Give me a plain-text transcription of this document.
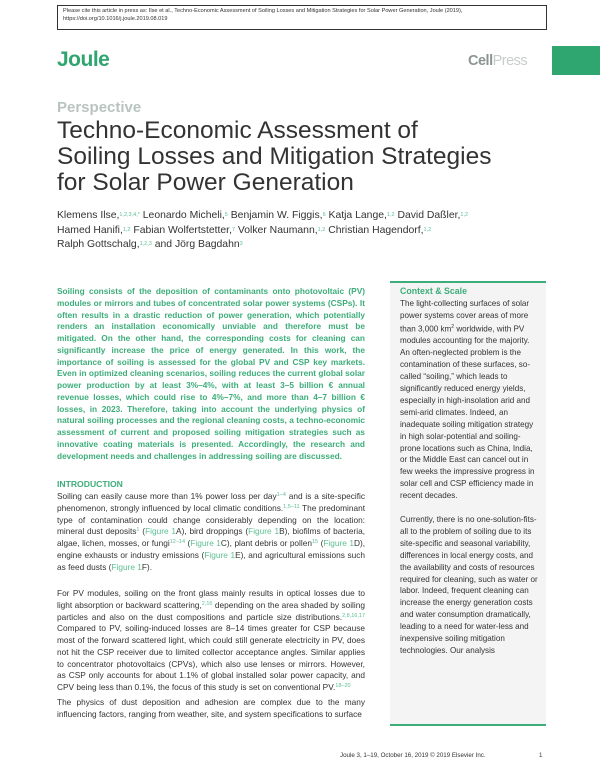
Please cite this article in press as: Ilse et al., Techno-Economic Assessment of Soiling Losses and Mitigation Strategies for Solar Power Generation, Joule (2019), https://doi.org/10.1016/j.joule.2019.08.019
Joule	CellPress
Perspective
Techno-Economic Assessment of Soiling Losses and Mitigation Strategies for Solar Power Generation
Klemens Ilse,$^{1,2,3,4,*}$ Leonardo Micheli,$^5$ Benjamin W. Figgis,$^6$ Katja Lange,$^{1,2}$ David Daßler,$^{1,2}$
Hamed Hanifi,$^{1,2}$ Fabian Wolfertstetter,$^7$ Volker Naumann,$^{1,2}$ Christian Hagendorf,$^{1,2}$
Ralph Gottschalg,$^{1,2,3}$ and Jörg Bagdahn$^3$
Soiling consists of the deposition of contaminants onto photovoltaic (PV) modules or mirrors and tubes of concentrated solar power systems (CSPs). It often results in a drastic reduction of power generation, which potentially renders an installation economically unviable and therefore must be mitigated. On the other hand, the corresponding costs for cleaning can significantly increase the price of energy generated. In this work, the importance of soiling is assessed for the global PV and CSP key markets. Even in optimized cleaning scenarios, soiling reduces the current global solar power production by at least 3%–4%, with at least 3–5 billion € annual revenue losses, which could rise to 4%–7%, and more than 4–7 billion € losses, in 2023. Therefore, taking into account the underlying physics of natural soiling processes and the regional cleaning costs, a techno-economic assessment of current and proposed soiling mitigation strategies such as innovative coating materials is presented. Accordingly, the research and development needs and challenges in addressing soiling are discussed.
INTRODUCTION
Soiling can easily cause more than 1% power loss per day$^{1-4}$ and is a site-specific phenomenon, strongly influenced by local climatic conditions.$^{1,5-11}$ The predominant type of contamination could change considerably depending on the location: mineral dust deposits$^1$ (Figure 1A), bird droppings (Figure 1B), biofilms of bacteria, algae, lichen, mosses, or fungi$^{12-14}$ (Figure 1C), plant debris or pollen$^{15}$ (Figure 1D), engine exhausts or industry emissions (Figure 1E), and agricultural emissions such as feed dusts (Figure 1F).
For PV modules, soiling on the front glass mainly results in optical losses due to light absorption or backward scattering,$^{2,16}$ depending on the area shaded by soiling particles and also on the dust compositions and particle size distributions.$^{2,8,16,17}$ Compared to PV, soiling-induced losses are 8–14 times greater for CSP because most of the forward scattered light, which could still generate electricity in PV, does not hit the CSP receiver due to limited collector acceptance angles. Similar applies to concentrator photovoltaics (CPVs), which also use lenses or mirrors. However, as CSP only accounts for about 1.1% of global installed solar power capacity, and CPV being less than 0.1%, the focus of this study is set on conventional PV.$^{18-20}$
The physics of dust deposition and adhesion are complex due to the many influencing factors, ranging from weather, site, and system specifications to surface
Context & Scale

The light-collecting surfaces of solar power systems cover areas of more than 3,000 $km^2$ worldwide, with PV modules accounting for the majority. An often-neglected problem is the contamination of these surfaces, so-called “soiling,” which leads to significantly reduced energy yields, especially in high-insolation arid and semi-arid climates. Indeed, an inadequate soiling mitigation strategy in high solar-potential and soiling-prone locations such as China, India, or the Middle East can cancel out in few weeks the impressive progress in solar cell and CSP efficiency made in recent decades.

Currently, there is no one-solution-fits-all to the problem of soiling due to its site-specific and seasonal variability, differences in local energy costs, and the availability and costs of resources required for cleaning, such as water or labor. Indeed, frequent cleaning can increase the energy generation costs and water consumption dramatically, leading to a need for water-less and inexpensive soiling mitigation technologies. Our analysis

Joule 3, 1–19, October 16, 2019 © 2019 Elsevier Inc.	1
